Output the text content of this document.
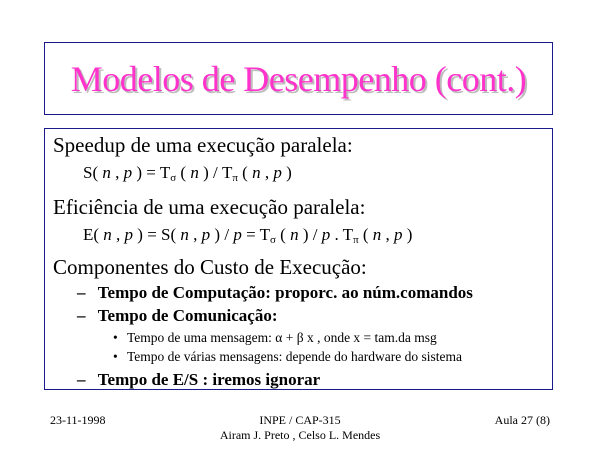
Modelos de Desempenho (cont.)
Speedup de uma execução paralela:
S( n , p ) = $T_\sigma$ ( n ) / $T_\pi$ ( n , p )
Eficiência de uma execução paralela:
E( n , p ) = S( n , p ) / $p = T_\sigma$ ( n ) / p . $T_\pi$ ( n , p )
Componentes do Custo de Execução:
– Tempo de Computação: proporc. ao núm.comandos
– Tempo de Comunicação:
• Tempo de uma mensagem: α + β x , onde x = tam.da msg
• Tempo de várias mensagens: depende do hardware do sistema
– Tempo de E/S : iremos ignorar
23-11-1998	INPE / CAP-315
Airam J. Preto , Celso L. Mendes
Aula 27 (8)
